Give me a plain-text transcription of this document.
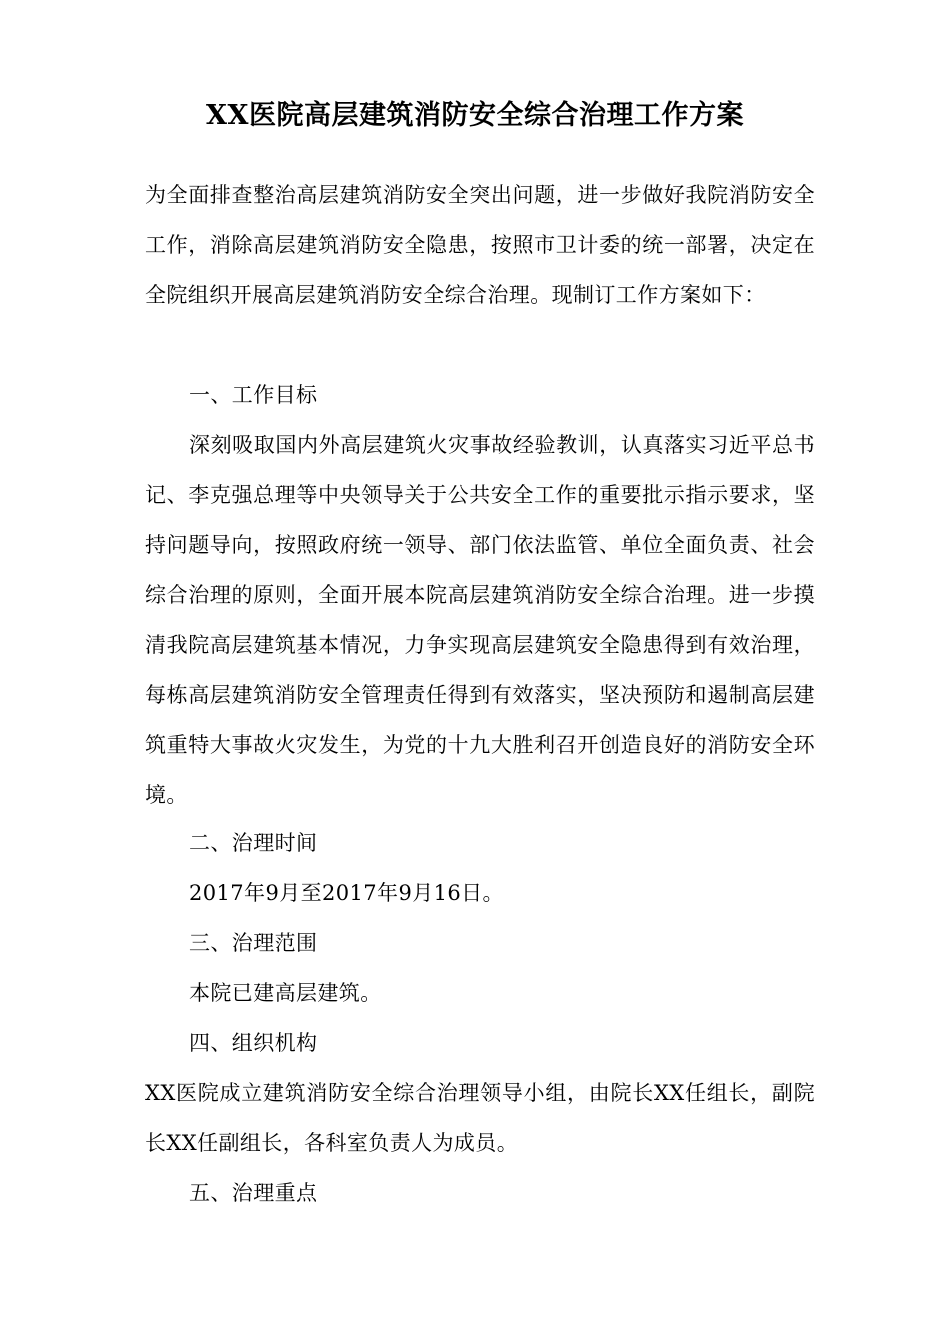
XX医院高层建筑消防安全综合治理工作方案

为全面排查整治高层建筑消防安全突出问题，进一步做好我院消防安全工作，消除高层建筑消防安全隐患，按照市卫计委的统一部署，决定在全院组织开展高层建筑消防安全综合治理。现制订工作方案如下：

一、工作目标

深刻吸取国内外高层建筑火灾事故经验教训，认真落实习近平总书记、李克强总理等中央领导关于公共安全工作的重要批示指示要求，坚持问题导向，按照政府统一领导、部门依法监管、单位全面负责、社会综合治理的原则，全面开展本院高层建筑消防安全综合治理。进一步摸清我院高层建筑基本情况，力争实现高层建筑安全隐患得到有效治理，每栋高层建筑消防安全管理责任得到有效落实，坚决预防和遏制高层建筑重特大事故火灾发生，为党的十九大胜利召开创造良好的消防安全环境。

二、治理时间
2017年9月至2017年9月16日。
三、治理范围
本院已建高层建筑。
四、组织机构

XX医院成立建筑消防安全综合治理领导小组，由院长XX任组长，副院长XX任副组长，各科室负责人为成员。

五、治理重点
